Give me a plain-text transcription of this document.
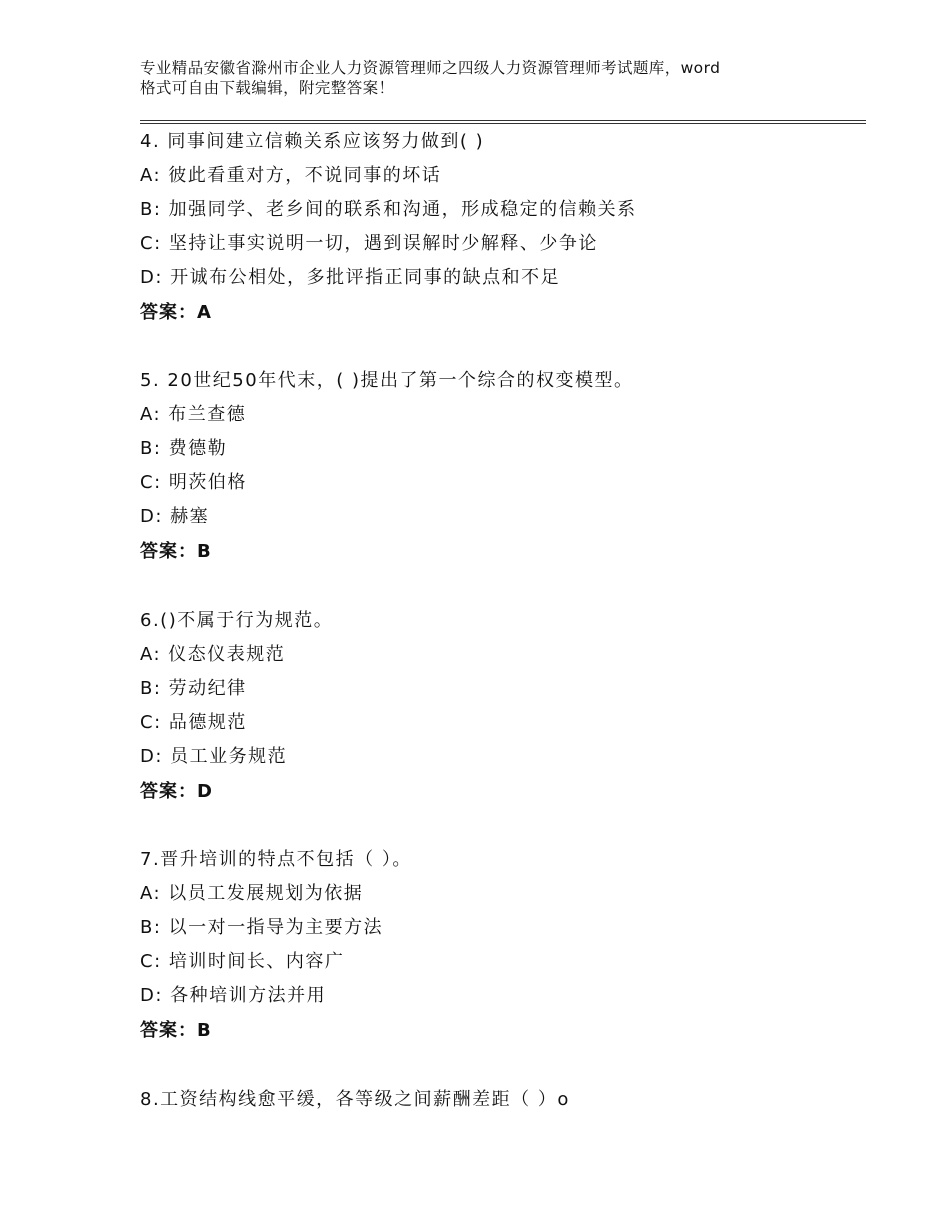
专业精品安徽省滁州市企业人力资源管理师之四级人力资源管理师考试题库，word
格式可自由下载编辑，附完整答案！
4. 同事间建立信赖关系应该努力做到( )
A: 彼此看重对方，不说同事的坏话
B: 加强同学、老乡间的联系和沟通，形成稳定的信赖关系
C: 坚持让事实说明一切，遇到误解时少解释、少争论
D: 开诚布公相处，多批评指正同事的缺点和不足
答案：A
5. 20世纪50年代末，( )提出了第一个综合的权变模型。
A: 布兰查德
B: 费德勒
C: 明茨伯格
D: 赫塞
答案：B
6.()不属于行为规范。
A: 仪态仪表规范
B: 劳动纪律
C: 品德规范
D: 员工业务规范
答案：D
7.晋升培训的特点不包括（ ）。
A: 以员工发展规划为依据
B: 以一对一指导为主要方法
C: 培训时间长、内容广
D: 各种培训方法并用
答案：B
8.工资结构线愈平缓，各等级之间薪酬差距（ ）o
